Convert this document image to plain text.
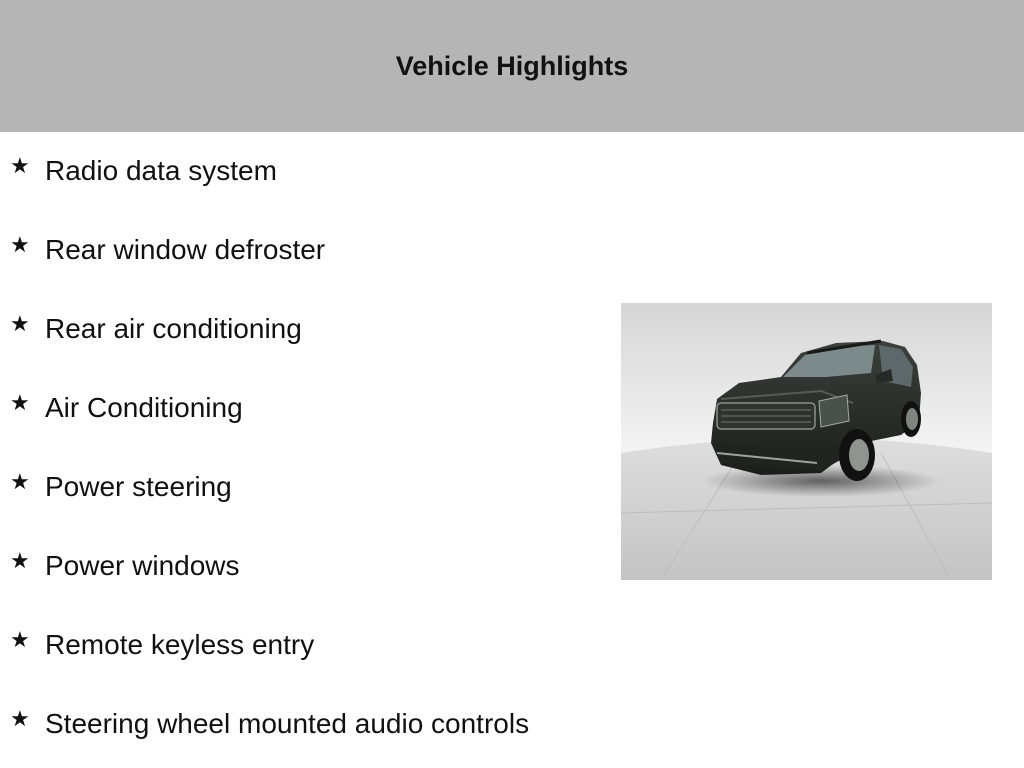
Vehicle Highlights
★ Radio data system
★ Rear window defroster
★ Rear air conditioning
★ Air Conditioning
★ Power steering
★ Power windows
★ Remote keyless entry
★ Steering wheel mounted audio controls
